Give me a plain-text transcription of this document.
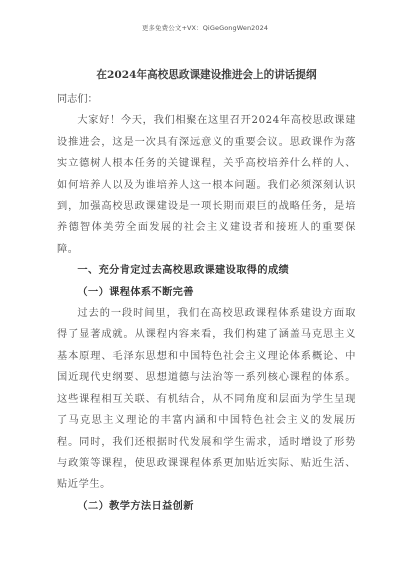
更多免费公文+VX：QiGeGongWen2024
在2024年高校思政课建设推进会上的讲话提纲

同志们：

大家好！今天，我们相聚在这里召开2024年高校思政课建设推进会，这是一次具有深远意义的重要会议。思政课作为落实立德树人根本任务的关键课程，关乎高校培养什么样的人、如何培养人以及为谁培养人这一根本问题。我们必须深刻认识到，加强高校思政课建设是一项长期而艰巨的战略任务，是培养德智体美劳全面发展的社会主义建设者和接班人的重要保障。

一、充分肯定过去高校思政课建设取得的成绩

（一）课程体系不断完善

过去的一段时间里，我们在高校思政课程体系建设方面取得了显著成就。从课程内容来看，我们构建了涵盖马克思主义基本原理、毛泽东思想和中国特色社会主义理论体系概论、中国近现代史纲要、思想道德与法治等一系列核心课程的体系。这些课程相互关联、有机结合，从不同角度和层面为学生呈现了马克思主义理论的丰富内涵和中国特色社会主义的发展历程。同时，我们还根据时代发展和学生需求，适时增设了形势与政策等课程，使思政课课程体系更加贴近实际、贴近生活、贴近学生。

（二）教学方法日益创新
